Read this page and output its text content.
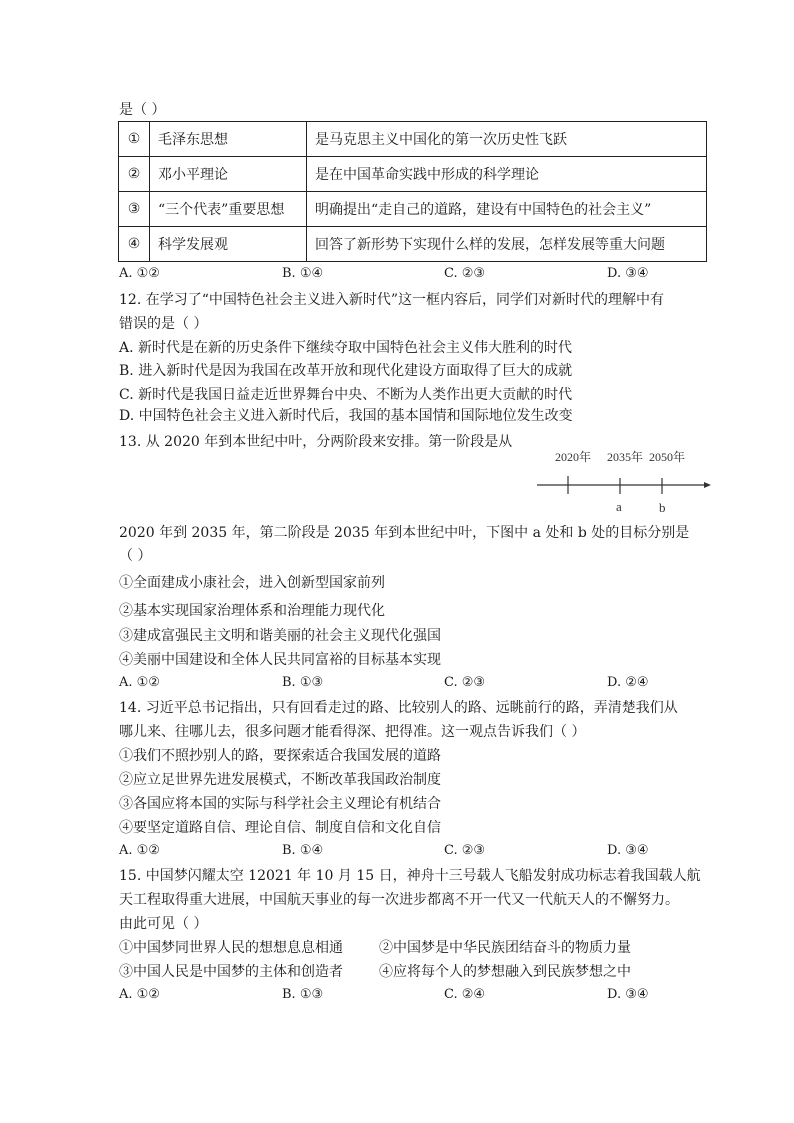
是（ ）
①	毛泽东思想	是马克思主义中国化的第一次历史性飞跃
②	邓小平理论	是在中国革命实践中形成的科学理论
③	“三个代表”重要思想	明确提出“走自己的道路，建设有中国特色的社会主义”
④	科学发展观	回答了新形势下实现什么样的发展，怎样发展等重大问题
A. ①②	B. ①④	C. ②③	D. ③④
12. 在学习了“中国特色社会主义进入新时代”这一框内容后，同学们对新时代的理解中有
错误的是（ ）
A. 新时代是在新的历史条件下继续夺取中国特色社会主义伟大胜利的时代
B. 进入新时代是因为我国在改革开放和现代化建设方面取得了巨大的成就
C. 新时代是我国日益走近世界舞台中央、不断为人类作出更大贡献的时代
D. 中国特色社会主义进入新时代后，我国的基本国情和国际地位发生改变
13. 从 2020 年到本世纪中叶，分两阶段来安排。第一阶段是从
2020年 2035年 2050年
a	b
2020 年到 2035 年，第二阶段是 2035 年到本世纪中叶，下图中 a 处和 b 处的目标分别是
（ ）
①全面建成小康社会，进入创新型国家前列
②基本实现国家治理体系和治理能力现代化
③建成富强民主文明和谐美丽的社会主义现代化强国
④美丽中国建设和全体人民共同富裕的目标基本实现
A. ①②	B. ①③	C. ②③	D. ②④
14. 习近平总书记指出，只有回看走过的路、比较别人的路、远眺前行的路，弄清楚我们从
哪儿来、往哪儿去，很多问题才能看得深、把得准。这一观点告诉我们（ ）
①我们不照抄别人的路，要探索适合我国发展的道路
②应立足世界先进发展模式，不断改革我国政治制度
③各国应将本国的实际与科学社会主义理论有机结合
④要坚定道路自信、理论自信、制度自信和文化自信
A. ①②	B. ①④	C. ②③	D. ③④
15. 中国梦闪耀太空 12021 年 10 月 15 日，神舟十三号载人飞船发射成功标志着我国载人航
天工程取得重大进展，中国航天事业的每一次进步都离不开一代又一代航天人的不懈努力。
由此可见（ ）
①中国梦同世界人民的想想息息相通	②中国梦是中华民族团结奋斗的物质力量
③中国人民是中国梦的主体和创造者	④应将每个人的梦想融入到民族梦想之中
A. ①②	B. ①③	C. ②④	D. ③④
